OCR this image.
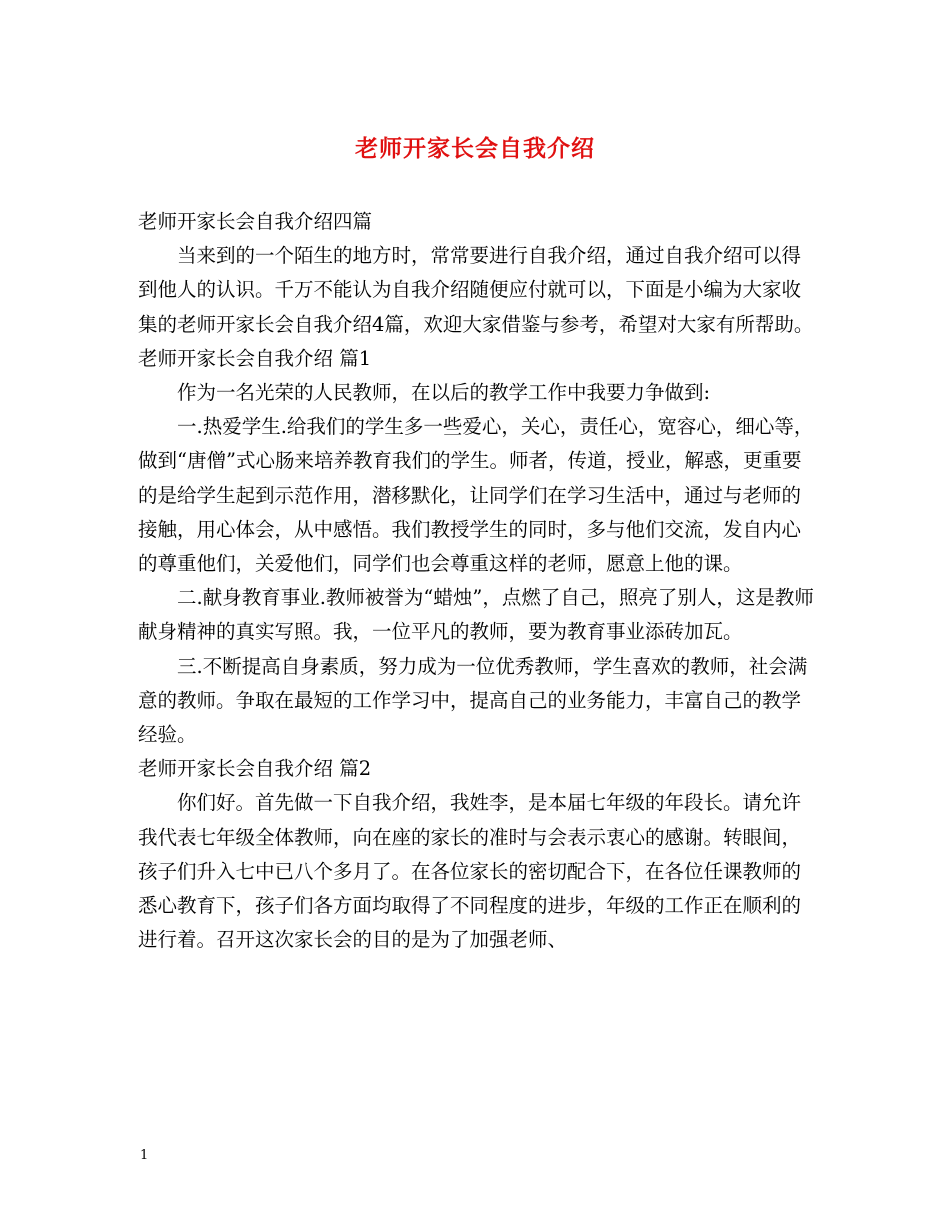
老师开家长会自我介绍

老师开家长会自我介绍四篇

当来到的一个陌生的地方时，常常要进行自我介绍，通过自我介绍可以得到他人的认识。千万不能认为自我介绍随便应付就可以，下面是小编为大家收集的老师开家长会自我介绍4篇，欢迎大家借鉴与参考，希望对大家有所帮助。

老师开家长会自我介绍 篇1

作为一名光荣的人民教师，在以后的教学工作中我要力争做到:

一.热爱学生.给我们的学生多一些爱心，关心，责任心，宽容心，细心等，做到“唐僧”式心肠来培养教育我们的学生。师者，传道，授业，解惑，更重要的是给学生起到示范作用，潜移默化，让同学们在学习生活中，通过与老师的接触，用心体会，从中感悟。我们教授学生的同时，多与他们交流，发自内心的尊重他们，关爱他们，同学们也会尊重这样的老师，愿意上他的课。

二.献身教育事业.教师被誉为“蜡烛”，点燃了自己，照亮了别人，这是教师献身精神的真实写照。我，一位平凡的教师，要为教育事业添砖加瓦。

三.不断提高自身素质，努力成为一位优秀教师，学生喜欢的教师，社会满意的教师。争取在最短的工作学习中，提高自己的业务能力，丰富自己的教学经验。

老师开家长会自我介绍 篇2

你们好。首先做一下自我介绍，我姓李，是本届七年级的年段长。请允许我代表七年级全体教师，向在座的家长的准时与会表示衷心的感谢。转眼间，孩子们升入七中已八个多月了。在各位家长的密切配合下，在各位任课教师的悉心教育下，孩子们各方面均取得了不同程度的进步，年级的工作正在顺利的进行着。召开这次家长会的目的是为了加强老师、

1
